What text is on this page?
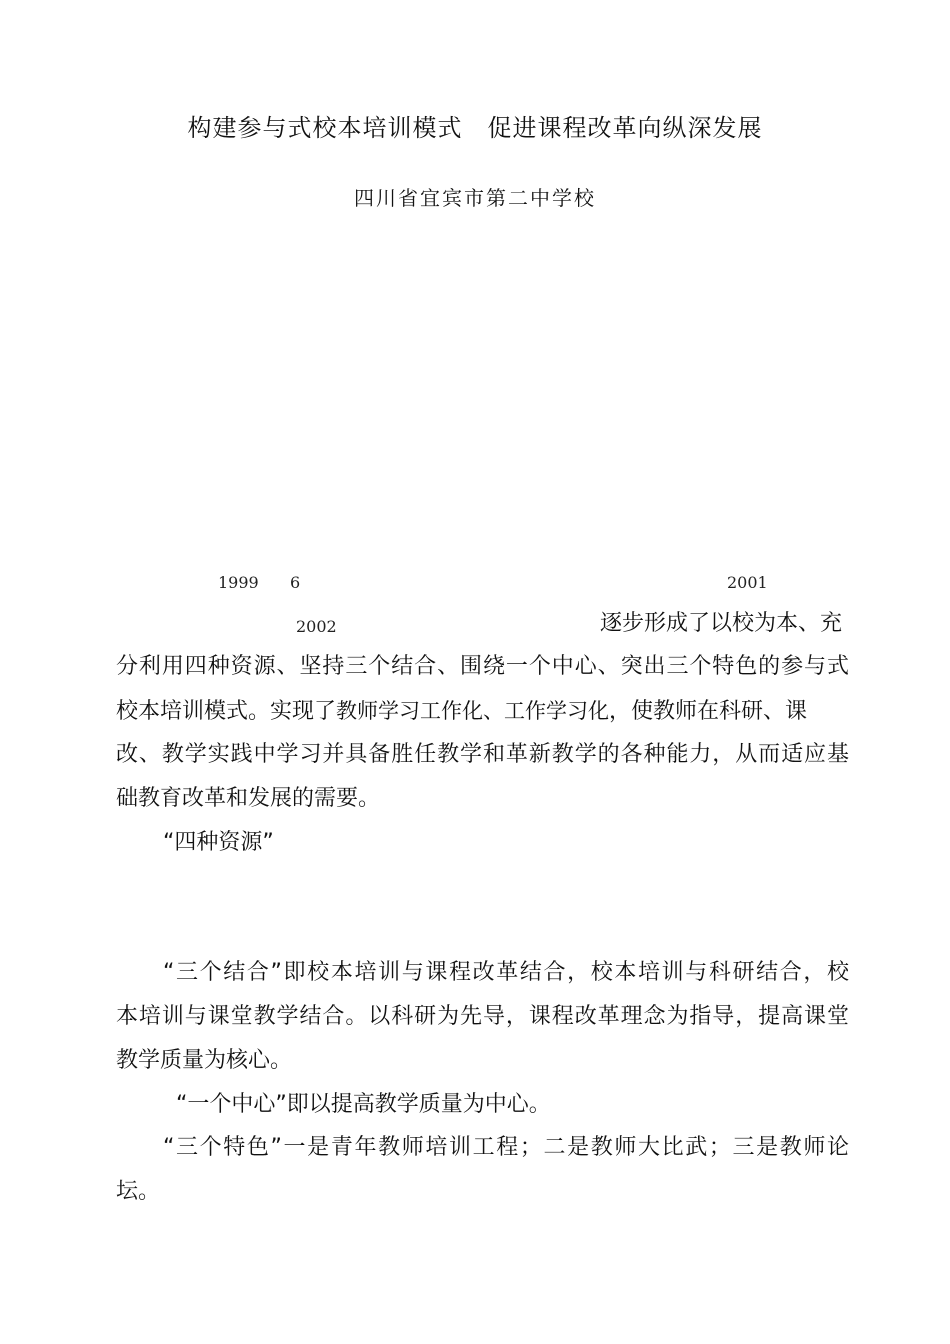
构建参与式校本培训模式　促进课程改革向纵深发展
四川省宜宾市第二中学校

1999
　 6
　　　　　　　　　　　　　　　　　　　　	2001

2002
　　　　　　　　　　　	逐步形成了以校为本、充
分利用四种资源、坚持三个结合、围绕一个中心、突出三个特色的参与式
校本培训模式。实现了教师学习工作化、工作学习化，使教师在科研、课
改、教学实践中学习并具备胜任教学和革新教学的各种能力，从而适应基
础教育改革和发展的需要。
“四种资源”

“三个结合”即校本培训与课程改革结合，校本培训与科研结合，校
本培训与课堂教学结合。以科研为先导，课程改革理念为指导，提高课堂
教学质量为核心。
“一个中心”即以提高教学质量为中心。
“三个特色”一是青年教师培训工程；二是教师大比武；三是教师论
坛。
